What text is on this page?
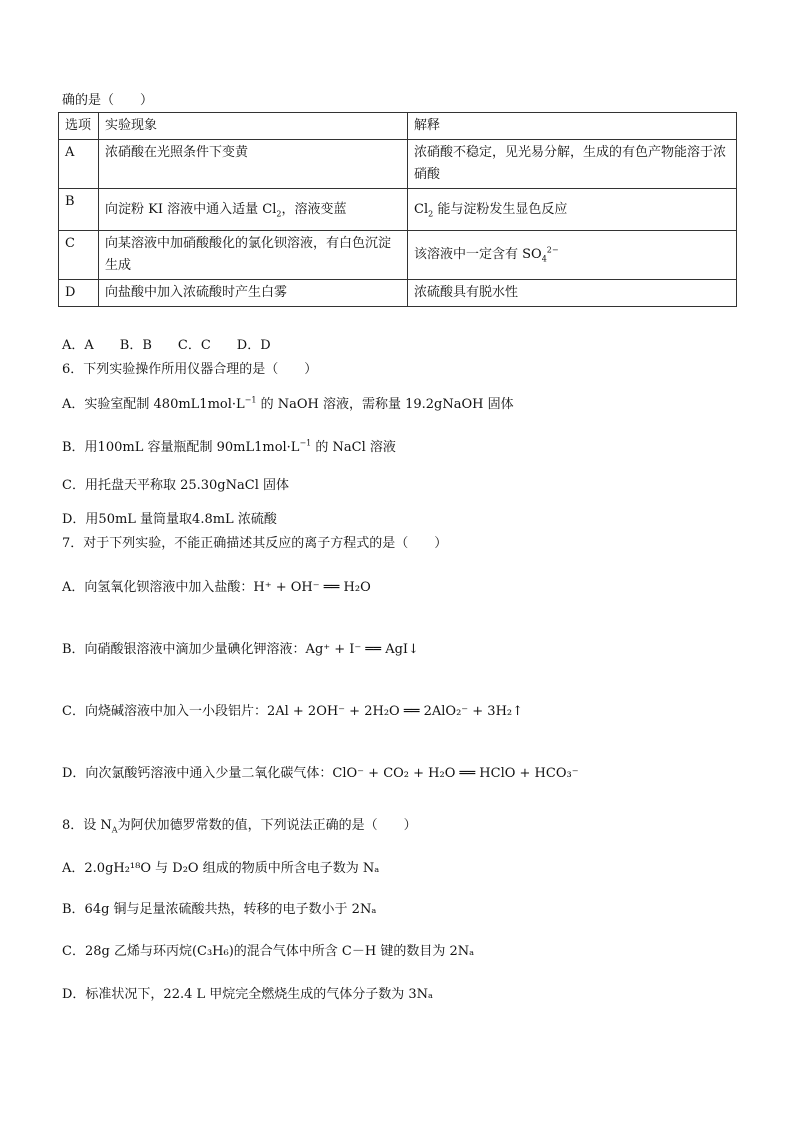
确的是（　　）
选项	实验现象	解释
A	浓硝酸在光照条件下变黄	浓硝酸不稳定，见光易分解，生成的有色产物能溶于浓硝酸
B	向淀粉 KI 溶液中通入适量 $Cl_2$，溶液变蓝	$Cl_2$ 能与淀粉发生显色反应
C	向某溶液中加硝酸酸化的氯化钡溶液，有白色沉淀生成	该溶液中一定含有 $SO_4^{2-}$
D	向盐酸中加入浓硫酸时产生白雾	浓硫酸具有脱水性
A．A　　B．B　　C．C　　D．D
6．下列实验操作所用仪器合理的是（　　）
A．实验室配制 $480mL1mol\cdot L^{-1}$ 的 NaOH 溶液，需称量 19.2gNaOH 固体
B．用100mL 容量瓶配制 $90mL1mol\cdot L^{-1}$ 的 NaCl 溶液
C．用托盘天平称取 25.30gNaCl 固体
D．用50mL 量筒量取4.8mL 浓硫酸
7．对于下列实验，不能正确描述其反应的离子方程式的是（　　）
A．向氢氧化钡溶液中加入盐酸：H⁺ + OH⁻ ══ H₂O
B．向硝酸银溶液中滴加少量碘化钾溶液：Ag⁺ + I⁻ ══ AgI↓
C．向烧碱溶液中加入一小段铝片：2Al + 2OH⁻ + 2H₂O ══ 2AlO₂⁻ + 3H₂↑
D．向次氯酸钙溶液中通入少量二氧化碳气体：ClO⁻ + CO₂ + H₂O ══ HClO + HCO₃⁻
8．设 $N_A$为阿伏加德罗常数的值，下列说法正确的是（　　）
A．2.0gH₂¹⁸O 与 D₂O 组成的物质中所含电子数为 Nₐ
B．64g 铜与足量浓硫酸共热，转移的电子数小于 2Nₐ
C．28g 乙烯与环丙烷(C₃H₆)的混合气体中所含 C－H 键的数目为 2Nₐ
D．标准状况下，22.4 L 甲烷完全燃烧生成的气体分子数为 3Nₐ
